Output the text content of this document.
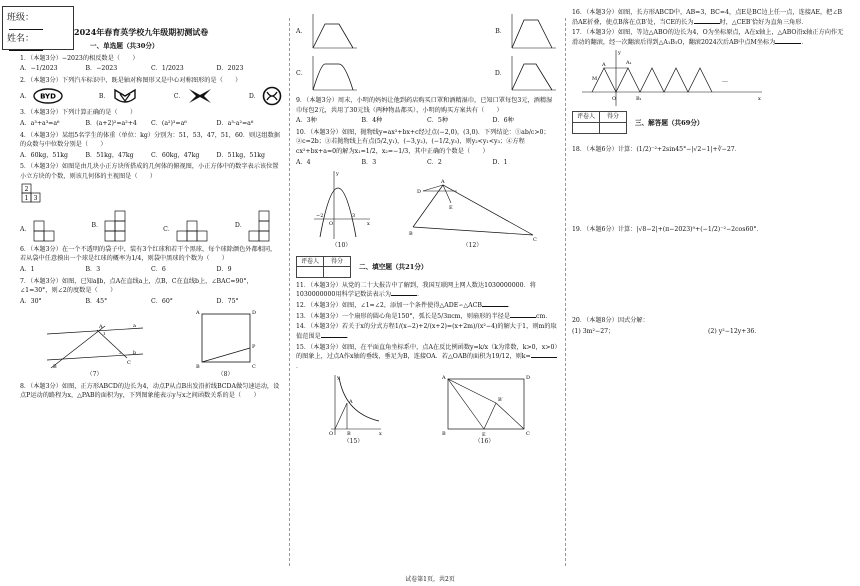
班级：
姓名：
2024年春育英学校九年级期初测试卷
一、单选题（共30分）
1．（本题3分）−2023的相反数是（　　）
A．−1/2023	B．−2023	C．1/2023	D．2023
2．（本题3分）下列汽车标识中，既是轴对称图形又是中心对称图形的是（　　）
A． BYD	B．	C．	D．
3．（本题3分）下列计算正确的是（　　）
A．a³+a³=a⁶	B．(a+2)²=a²+4	C．(a²)³=a⁶	D．a³·a²=a⁶
4．（本题3分）某组5名学生的体重（单位：kg）分别为：51，53，47，51，60．则这组数据的众数与中位数分别是（　　）
A．60kg，51kg	B．51kg，47kg	C．60kg，47kg	D．51kg，51kg
5．（本题3分）如图是由几块小正方块所搭成的几何体的俯视图，小正方体中的数字表示该位置小立方块的个数，则该几何体的主视图是（　　）
2
1 3
A．
B．
C．
D．
6．（本题3分）在一个不透明的袋子中，装有3个红球和若干个黑球，每个球除颜色外都相同，若从袋中任意摸出一个球是红球的概率为1/4，则袋中黑球的个数为（　　）
A．1	B．3	C．6	D．9
7．（本题3分）如图，已知a∥b，点A在直线a上，点B，C在直线b上，∠BAC=90°，∠1=30°，则∠2的度数是（　　）
A．30°	B．45°	C．60°	D．75°
A	a
b
B
C
1
2
（7）
A	D
B	C
P
（8）
8．（本题3分）如图，正方形ABCD的边长为4，动点P从点B出发沿折线BCDA做匀速运动，设点P运动的路程为x，△PAB的面积为y，下列图象能表示y与x之间函数关系的是（　　）
A．	B．
C．	D．
9．（本题3分）周末，小明的妈妈让他到药店购买口罩和酒精湿巾，已知口罩每包3元，酒精湿巾每包2元，共用了30元钱（两种物品都买），小明的购买方案共有（　　）
A．3种	B．4种	C．5种	D．6种
10．（本题3分）如图，抛物线y=ax²+bx+c经过点(−2,0)，(3,0)．下列结论：①ab/c>0；②c=2b；③若抛物线上有点(5/2,y₁)，(−3,y₂)，(−1/2,y₃)，则y₂<y₁<y₃；④方程cx²+bx+a=0的解为x₁=1/2，x₂=−1/3，其中正确的个数是（　　）
A．4	B．3	C．2	D．1
−2	3
O	x
y
（10）
A
D
E
B
C
（12）
评卷人	得分

二、填空题（共21分）
11．（本题3分）从党的二十大报告中了解到，我国互联网上网人数达1030000000．将1030000000用科学记数法表示为	．
12．（本题3分）如图，∠1=∠2，添加一个条件使得△ADE∽△ACB	．
13．（本题3分）一个扇形的圆心角是150°，弧长是5/3πcm，则扇形的半径是	cm．
14．（本题3分）若关于x的分式方程1/(x−2)+2/(x+2)=(x+2m)/(x²−4)的解大于1，则m的取值范围是	．
15．（本题3分）如图，在平面直角坐标系中，点A在反比例函数y=k/x（k为常数，k>0，x>0）的图象上，过点A作x轴的垂线，垂足为B，连接OA．若△OAB的面积为19/12，则k=．
A
B
O	x
y
（15）
A	D
B	C
E
B′
（16）
16．（本题3分）如图，长方形ABCD中，AB=3，BC=4，点E是BC边上任一点，连接AE，把∠B沿AE折叠，使点B落在点B′处，当CE的长为	时，△CEB′恰好为直角三角形．
17．（本题3分）如图，等边△ABO的边长为4，O为坐标原点，A在x轴上，△ABO沿x轴正方向作无滑动的翻滚，经一次翻滚后得到△A₁B₁O，翻滚2024次后AB中点M坐标为	．
A	A₁
M
O	B₁	x
y
…
评卷人	得分

三、解答题（共69分）
18．（本题6分）计算：(1/2)⁻²+2sin45°−|√2−1|+∛−27．
19．（本题6分）计算：|√8−2|+(π−2023)⁰+(−1/2)⁻²−2cos60°．
20．（本题8分）因式分解：
(1) 3m²−27；	(2) y²−12y+36．
试卷第1页，共2页
